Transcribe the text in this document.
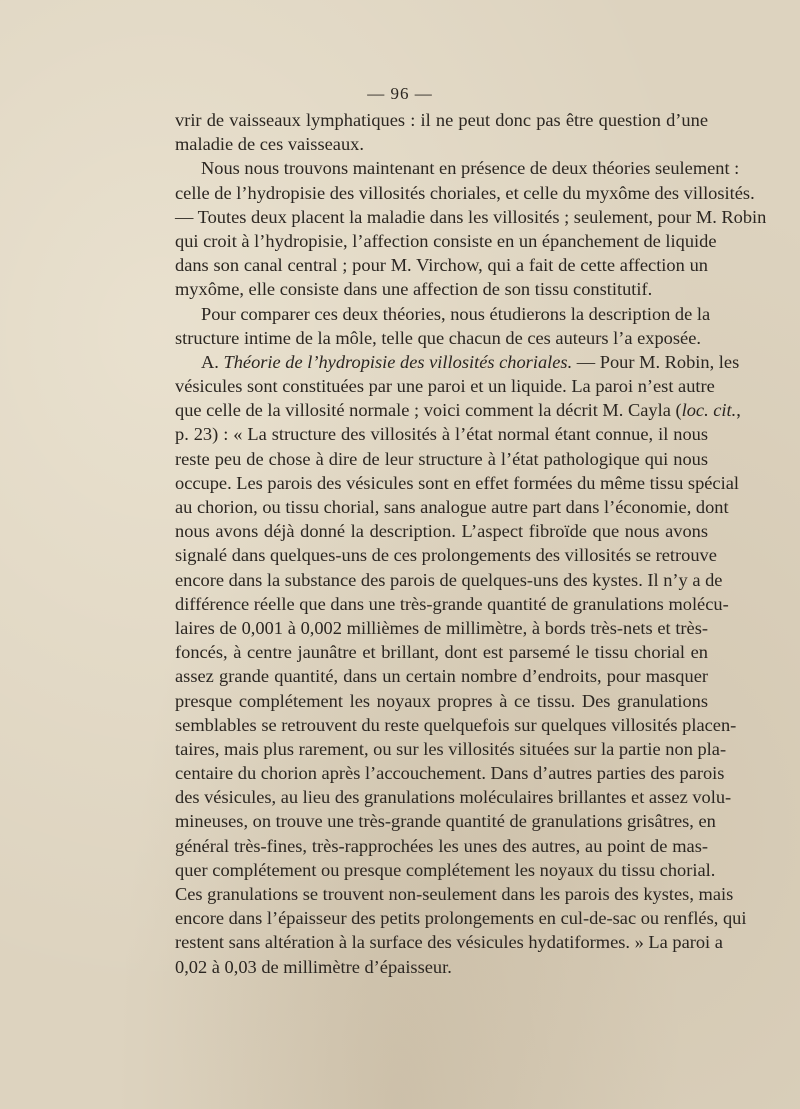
— 96 —
vrir de vaisseaux lymphatiques : il ne peut donc pas être question d’une
maladie de ces vaisseaux.
Nous nous trouvons maintenant en présence de deux théories seulement :
celle de l’hydropisie des villosités choriales, et celle du myxôme des villosités.
— Toutes deux placent la maladie dans les villosités ; seulement, pour M. Robin
qui croit à l’hydropisie, l’affection consiste en un épanchement de liquide
dans son canal central ; pour M. Virchow, qui a fait de cette affection un
myxôme, elle consiste dans une affection de son tissu constitutif.
Pour comparer ces deux théories, nous étudierons la description de la
structure intime de la môle, telle que chacun de ces auteurs l’a exposée.
A. Théorie de l’hydropisie des villosités choriales. — Pour M. Robin, les
vésicules sont constituées par une paroi et un liquide. La paroi n’est autre
que celle de la villosité normale ; voici comment la décrit M. Cayla (loc. cit.,
p. 23) : « La structure des villosités à l’état normal étant connue, il nous
reste peu de chose à dire de leur structure à l’état pathologique qui nous
occupe. Les parois des vésicules sont en effet formées du même tissu spécial
au chorion, ou tissu chorial, sans analogue autre part dans l’économie, dont
nous avons déjà donné la description. L’aspect fibroïde que nous avons
signalé dans quelques-uns de ces prolongements des villosités se retrouve
encore dans la substance des parois de quelques-uns des kystes. Il n’y a de
différence réelle que dans une très-grande quantité de granulations molécu-
laires de 0,001 à 0,002 millièmes de millimètre, à bords très-nets et très-
foncés, à centre jaunâtre et brillant, dont est parsemé le tissu chorial en
assez grande quantité, dans un certain nombre d’endroits, pour masquer
presque complétement les noyaux propres à ce tissu. Des granulations
semblables se retrouvent du reste quelquefois sur quelques villosités placen-
taires, mais plus rarement, ou sur les villosités situées sur la partie non pla-
centaire du chorion après l’accouchement. Dans d’autres parties des parois
des vésicules, au lieu des granulations moléculaires brillantes et assez volu-
mineuses, on trouve une très-grande quantité de granulations grisâtres, en
général très-fines, très-rapprochées les unes des autres, au point de mas-
quer complétement ou presque complétement les noyaux du tissu chorial.
Ces granulations se trouvent non-seulement dans les parois des kystes, mais
encore dans l’épaisseur des petits prolongements en cul-de-sac ou renflés, qui
restent sans altération à la surface des vésicules hydatiformes. » La paroi a
0,02 à 0,03 de millimètre d’épaisseur.
